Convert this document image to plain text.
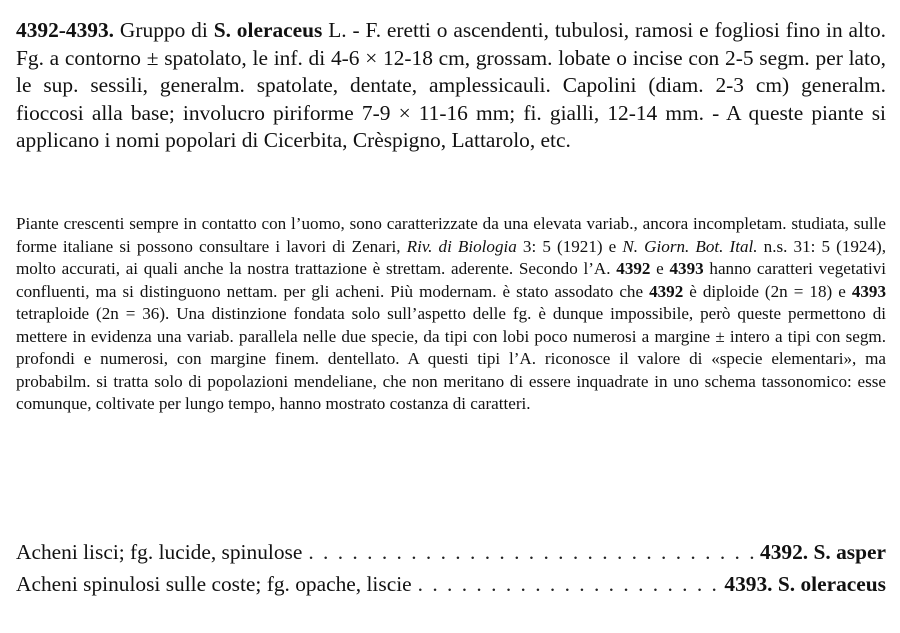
4392-4393. Gruppo di S. oleraceus L. - F. eretti o ascendenti, tubulosi, ramosi e fogliosi fino in alto. Fg. a contorno ± spatolato, le inf. di 4-6 × 12-18 cm, grossam. lobate o incise con 2-5 segm. per lato, le sup. sessili, generalm. spatolate, dentate, amplessicauli. Capolini (diam. 2-3 cm) generalm. fioccosi alla base; involucro piriforme 7-9 × 11-16 mm; fi. gialli, 12-14 mm. - A queste piante si applicano i nomi popolari di Cicerbita, Crèspigno, Lattarolo, etc.

Piante crescenti sempre in contatto con l’uomo, sono caratterizzate da una elevata variab., ancora incompletam. studiata, sulle forme italiane si possono consultare i lavori di Zenari, Riv. di Biologia 3: 5 (1921) e N. Giorn. Bot. Ital. n.s. 31: 5 (1924), molto accurati, ai quali anche la nostra trattazione è strettam. aderente. Secondo l’A. 4392 e 4393 hanno caratteri vegetativi confluenti, ma si distinguono nettam. per gli acheni. Più modernam. è stato assodato che 4392 è diploide (2n = 18) e 4393 tetraploide (2n = 36). Una distinzione fondata solo sull’aspetto delle fg. è dunque impossibile, però queste permettono di mettere in evidenza una variab. parallela nelle due specie, da tipi con lobi poco numerosi a margine ± intero a tipi con segm. profondi e numerosi, con margine finem. dentellato. A questi tipi l’A. riconosce il valore di «specie elementari», ma probabilm. si tratta solo di popolazioni mendeliane, che non meritano di essere inquadrate in uno schema tassonomico: esse comunque, coltivate per lungo tempo, hanno mostrato costanza di caratteri.

Acheni lisci; fg. lucide, spinulose . . .	4392. S. asper
Acheni spinulosi sulle coste; fg. opache, liscie . . .	4393. S. oleraceus
